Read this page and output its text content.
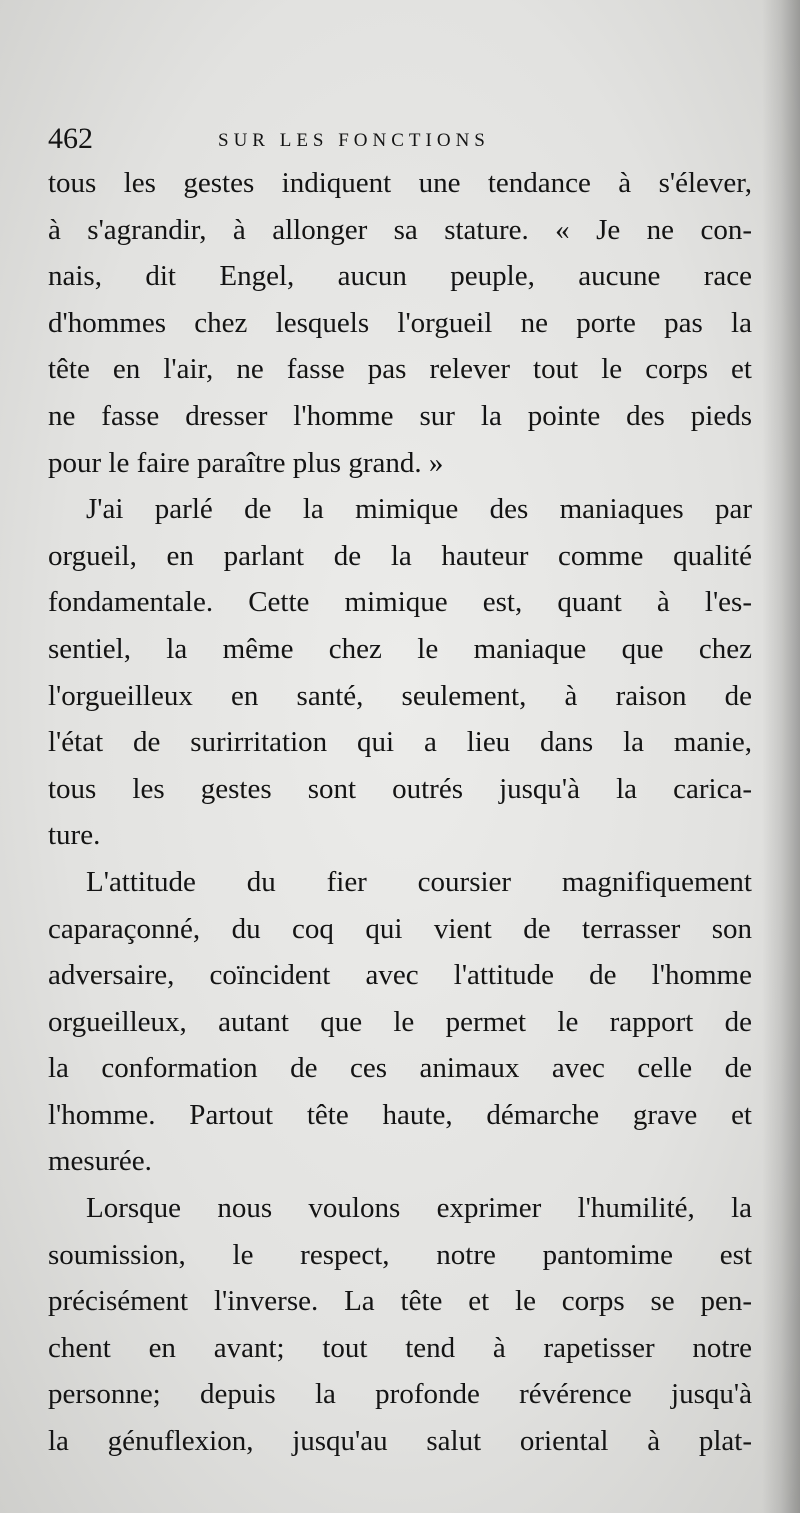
462	SUR LES FONCTIONS
tous les gestes indiquent une tendance à s'élever,
à s'agrandir, à allonger sa stature. « Je ne con-
nais, dit Engel, aucun peuple, aucune race
d'hommes chez lesquels l'orgueil ne porte pas la
tête en l'air, ne fasse pas relever tout le corps et
ne fasse dresser l'homme sur la pointe des pieds
pour le faire paraître plus grand. »
J'ai parlé de la mimique des maniaques par
orgueil, en parlant de la hauteur comme qualité
fondamentale. Cette mimique est, quant à l'es-
sentiel, la même chez le maniaque que chez
l'orgueilleux en santé, seulement, à raison de
l'état de surirritation qui a lieu dans la manie,
tous les gestes sont outrés jusqu'à la carica-
ture.
L'attitude du fier coursier magnifiquement
caparaçonné, du coq qui vient de terrasser son
adversaire, coïncident avec l'attitude de l'homme
orgueilleux, autant que le permet le rapport de
la conformation de ces animaux avec celle de
l'homme. Partout tête haute, démarche grave et
mesurée.
Lorsque nous voulons exprimer l'humilité, la
soumission, le respect, notre pantomime est
précisément l'inverse. La tête et le corps se pen-
chent en avant; tout tend à rapetisser notre
personne; depuis la profonde révérence jusqu'à
la génuflexion, jusqu'au salut oriental à plat-
